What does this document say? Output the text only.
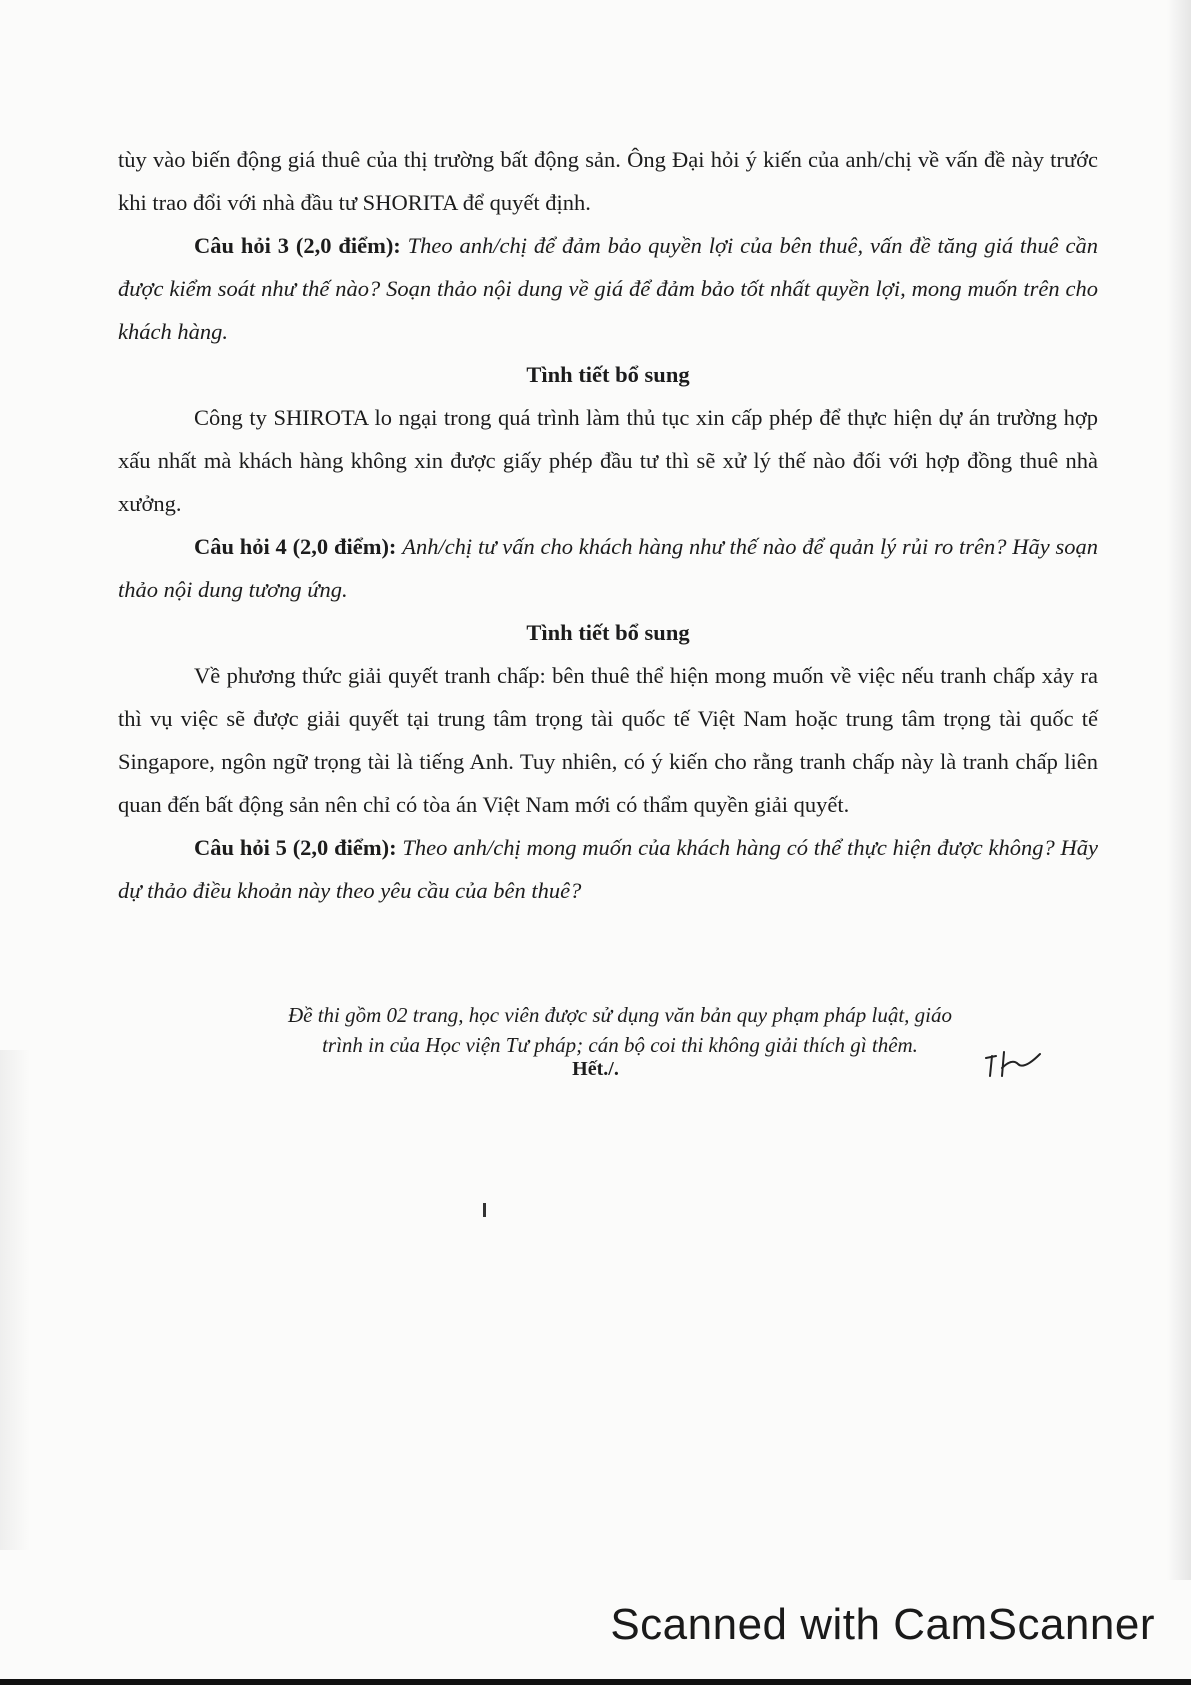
tùy vào biến động giá thuê của thị trường bất động sản. Ông Đại hỏi ý kiến của anh/chị về vấn đề này trước khi trao đổi với nhà đầu tư SHORITA để quyết định.

Câu hỏi 3 (2,0 điểm): Theo anh/chị để đảm bảo quyền lợi của bên thuê, vấn đề tăng giá thuê cần được kiểm soát như thế nào? Soạn thảo nội dung về giá để đảm bảo tốt nhất quyền lợi, mong muốn trên cho khách hàng.

Tình tiết bổ sung

Công ty SHIROTA lo ngại trong quá trình làm thủ tục xin cấp phép để thực hiện dự án trường hợp xấu nhất mà khách hàng không xin được giấy phép đầu tư thì sẽ xử lý thế nào đối với hợp đồng thuê nhà xưởng.

Câu hỏi 4 (2,0 điểm): Anh/chị tư vấn cho khách hàng như thế nào để quản lý rủi ro trên? Hãy soạn thảo nội dung tương ứng.

Tình tiết bổ sung

Về phương thức giải quyết tranh chấp: bên thuê thể hiện mong muốn về việc nếu tranh chấp xảy ra thì vụ việc sẽ được giải quyết tại trung tâm trọng tài quốc tế Việt Nam hoặc trung tâm trọng tài quốc tế Singapore, ngôn ngữ trọng tài là tiếng Anh. Tuy nhiên, có ý kiến cho rằng tranh chấp này là tranh chấp liên quan đến bất động sản nên chỉ có tòa án Việt Nam mới có thẩm quyền giải quyết.

Câu hỏi 5 (2,0 điểm): Theo anh/chị mong muốn của khách hàng có thể thực hiện được không? Hãy dự thảo điều khoản này theo yêu cầu của bên thuê?

Đề thi gồm 02 trang, học viên được sử dụng văn bản quy phạm pháp luật, giáo

trình in của Học viện Tư pháp; cán bộ coi thi không giải thích gì thêm.

Hết./.
Scanned with CamScanner
